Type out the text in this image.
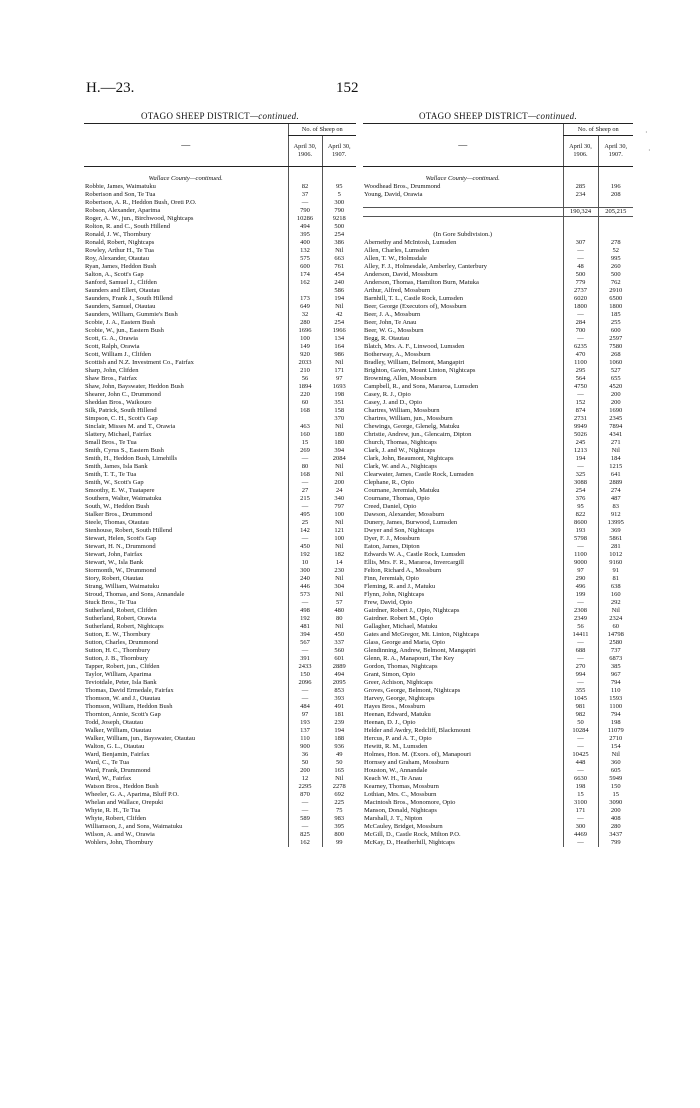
H.—23.	152
·
·
OTAGO SHEEP DISTRICT—continued.
—	No. of Sheep on	
	April 30, 1906.	April 30, 1907.

Wallace County—continued.		
Robbie, James, Waimatuku	82	95
Roberison and Son, Te Tua	37	5
Robertson, A. R., Heddon Bush, Oreti P.O.	—	300
Robson, Alexander, Aparima	790	790
Roger, A. W., jun., Birchwood, Nightcaps	10286	9218
Rolton, R. and C., South Hillend	494	500
Ronald, J. W., Thornbury	395	254
Ronald, Robert, Nightcaps	400	386
Rowley, Arthur H., Te Tua	132	Nil
Roy, Alexander, Otautau	575	663
Ryan, James, Heddon Bush	600	761
Salton, A., Scott's Gap	174	454
Sanford, Samuel J., Clifden	162	240
Saunders and Ellert, Otautau		586
Saunders, Frank J., South Hillend	173	194
Saunders, Samuel, Otautau	649	Nil
Saunders, William, Gummie's Bush	32	42
Scobie, J. A., Eastern Bush	280	254
Scobie, W., jun., Eastern Bush	1696	1966
Scott, G. A., Orawia	100	134
Scott, Ralph, Orawia	149	164
Scott, William J., Clifden	920	986
Scottish and N.Z. Investment Co., Fairfax	2033	Nil
Sharp, John, Clifden	210	171
Shaw Bros., Fairfax	56	97
Shaw, John, Bayswater, Heddon Bush	1894	1693
Shearer, John C., Drummond	220	198
Sheddan Bros., Waikouro	60	351
Silk, Patrick, South Hillend	168	158
Simpson, C. H., Scott's Gap		370
Sinclair, Misses M. and T., Orawia	463	Nil
Slattery, Michael, Fairfax	160	180
Small Bros., Te Tua	15	180
Smith, Cyrus S., Eastern Bush	269	394
Smith, H., Heddon Bush, Limehills	—	2084
Smith, James, Isla Bank	80	Nil
Smith, T. T., Te Tua	168	Nil
Smith, W., Scott's Gap	—	200
Smoothy, E. W., Tuatapere	27	24
Southern, Walter, Waimatuku	215	340
South, W., Heddon Bush	—	797
Stalker Bros., Drummond	495	100
Steele, Thomas, Otautau	25	Nil
Stenhouse, Robert, South Hillend	142	121
Stewart, Helen, Scott's Gap	—	100
Stewart, H. N., Drummond	450	Nil
Stewart, John, Fairfax	192	182
Stewart, W., Isla Bank	10	14
Stormonth, W., Drummond	300	230
Story, Robert, Otautau	240	Nil
Strang, William, Waimatuku	446	304
Stroud, Thomas, and Sons, Annandale	573	Nil
Stuck Bros., Te Tua	—	57
Sutherland, Robert, Clifden	498	480
Sutherland, Robert, Orawia	192	80
Sutherland, Robert, Nightcaps	481	Nil
Sutton, E. W., Thornbury	394	450
Sutton, Charles, Drummond	567	337
Sutton, H. C., Thornbury	—	560
Sutton, J. B., Thornbury	391	601
Tapper, Robert, jun., Clifden	2433	2889
Taylor, William, Aparima	150	494
Teviotdale, Peter, Isla Bank	2096	2095
Thomas, David Ermedale, Fairfax	—	853
Thomson, W. and J., Otautau	—	393
Thomson, William, Heddon Bush	484	491
Thornton, Annie, Scott's Gap	97	181
Todd, Joseph, Otautau	193	239
Walker, William, Otautau	137	194
Walker, William, jun., Bayswater, Otautau	110	188
Walton, G. L., Otautau	900	936
Ward, Benjamin, Fairfax	36	49
Ward, C., Te Tua	50	50
Ward, Frank, Drummond	200	165
Ward, W., Fairfax	12	Nil
Watson Bros., Heddon Bush	2295	2278
Wheeler, G. A., Aparima, Bluff P.O.	870	692
Whelan and Wallace, Orepuki	—	225
Whyte, R. H., Te Tua	—	75
Whyte, Robert, Clifden	589	983
Williamson, J., and Sons, Waimatuku	—	395
Wilson, A. and W., Orawia	825	800
Wohlers, John, Thornbury	162	99
OTAGO SHEEP DISTRICT—continued.
—	No. of Sheep on	
	April 30, 1906.	April 30, 1907.

Wallace County—continued.		
Woodhead Bros., Drummond	285	196
Young, David, Orawia	234	208

	190,324	205,215

(In Gore Subdivision.)		
Abernethy and McIntosh, Lumsden	307	278
Allen, Charles, Lumsden	—	52
Allen, T. W., Holmsdale	—	995
Alley, F. J., Holmesdale, Amberley, Canterbury	48	260
Anderson, David, Mossburn	500	500
Anderson, Thomas, Hamilton Burn, Matuka	779	762
Arthur, Alfred, Mossburn	2737	2910
Barnhill, T. L., Castle Rock, Lumsden	6020	6500
Beer, George (Executors of), Mossburn	1800	1800
Beer, J. A., Mossburn	—	185
Beer, John, Te Anau	284	255
Beer, W. G., Mossburn	700	600
Begg, R. Otautau	—	2597
Blatch, Mrs. A. F., Linwood, Lumsden	6235	7580
Botherway, A., Mossburn	470	268
Bradley, William, Belmont, Mangapiri	1100	1060
Brighton, Gavin, Mount Linton, Nightcaps	295	527
Browning, Allen, Mossburn	564	655
Campbell, R., and Sons, Mararoa, Lumsden	4750	4520
Casey, R. J., Opio	—	200
Casey, J. and D., Opio	152	200
Chartres, William, Mossburn	874	1690
Chartres, William, jun., Mossburn	2731	2345
Chewings, George, Glenelg, Matuku	9949	7894
Christie, Andrew, jun., Glencairn, Dipton	5026	4341
Church, Thomas, Nightcaps	245	271
Clark, J. and W., Nightcaps	1213	Nil
Clark, John, Beaumont, Nightcaps	194	184
Clark, W. and A., Nightcaps	—	1215
Clearwater, James, Castle Rock, Lumsden	325	641
Clephane, R., Opio	3088	2889
Cournane, Jeremiah, Matuku	254	274
Cournane, Thomas, Opio	376	487
Creed, Daniel, Opio	95	83
Dawson, Alexander, Mossburn	822	912
Dunery, James, Burwood, Lumsden	8600	13995
Dwyer and Son, Nightcaps	193	369
Dyer, F. J., Mossburn	5798	5861
Eaton, James, Dipton	—	281
Edwards W. A., Castle Rock, Lumsden	1100	1012
Ellis, Mrs. F. R., Mararoa, Invercargill	9000	9160
Felton, Richard A., Mossburn	97	91
Finn, Jeremiah, Opio	290	81
Fleming, R. and J., Matuku	496	638
Flynn, John, Nightcaps	199	160
Frew, David, Opio	—	292
Gairdner, Robert J., Opio, Nightcaps	2308	Nil
Gairdner. Robert M., Opio	2349	2324
Gallagher, Michael, Matuku	56	60
Gates and McGregor, Mt. Linton, Nightcaps	14411	14798
Glass, George and Maria, Opio	—	2580
Glendinning, Andrew, Belmont, Mangapiri	688	737
Glenn, R. A., Manapouri, The Key	—	6873
Gordon, Thomas, Nightcaps	270	385
Grant, Simon, Opio	994	967
Greer, Achison, Nightcaps	—	794
Groves, George, Belmont, Nightcaps	355	110
Harvey, George, Nightcaps	1045	1593
Hayes Bros., Mossburn	981	1100
Heenan, Edward, Matuku	982	794
Heenan, D. J., Opio	50	198
Helder and Awdry, Redcliff, Blackmount	10284	11079
Hercus, P. and A. T., Opio	—	2710
Hewitt, R. M., Lumsden	—	154
Holmes, Hon. M. (Exors. of), Manapouri	10425	Nil
Hornsey and Graham, Mossburn	448	360
Houston, W., Annandale	—	605
Keach W. H., Te Anau	6630	5949
Kearney, Thomas, Mossburn	198	150
Lothian, Mrs. C., Mossburn	15	15
Macintosh Bros., Monomore, Opio	3100	3090
Manson, Donald, Nightcaps	171	200
Marshall, J. T., Nipton	—	408
McCauley, Bridget, Mossburn	300	280
McGill, D., Castle Rock, Milton P.O.	4469	3437
McKay, D., Heatherhill, Nightcaps	—	799
